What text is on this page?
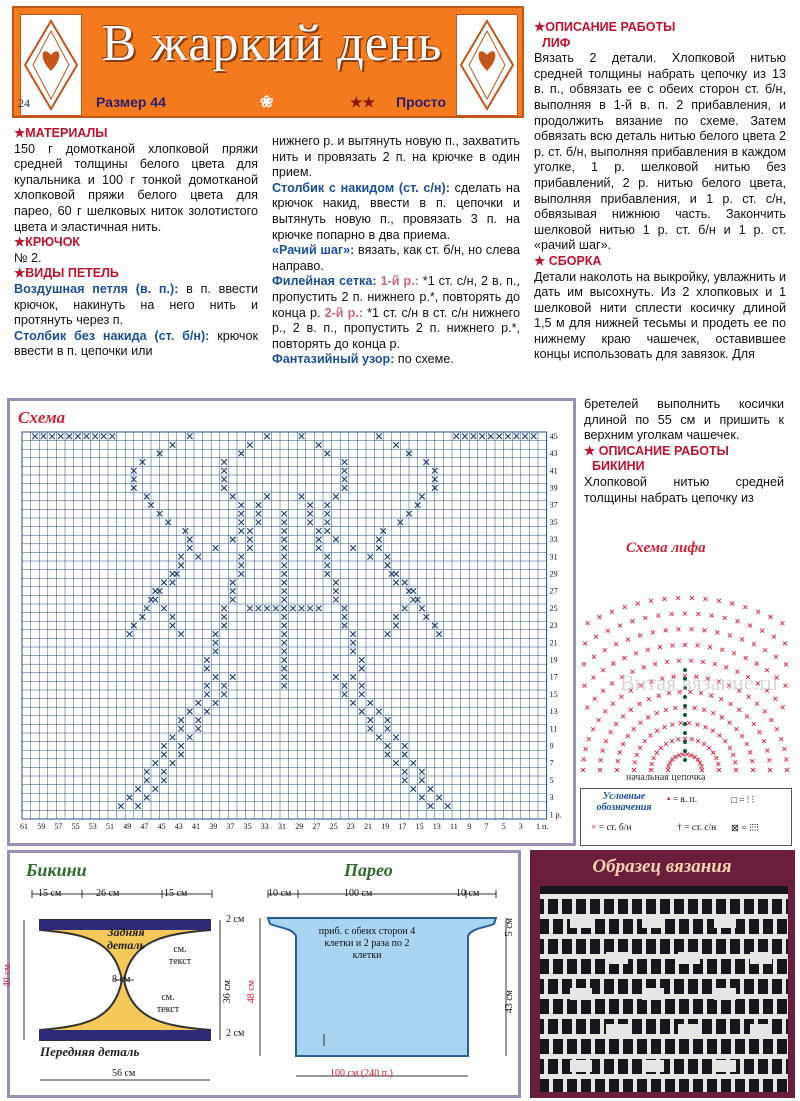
В жаркий день
24	Размер 44	❀	★★ Просто

★МАТЕРИАЛЫ

150 г домотканой хлопковой пряжи средней толщины белого цвета для купальника и 100 г тонкой домотканой хлопковой пряжи белого цвета для парео, 60 г шелковых ниток золотистого цвета и эластичная нить.

★КРЮЧОК

№ 2.

★ВИДЫ ПЕТЕЛЬ

Воздушная петля (в. п.): в п. ввести крючок, накинуть на него нить и протянуть через п.

Столбик без накида (ст. б/н): крючок ввести в п. цепочки или

нижнего р. и вытянуть новую п., захватить нить и провязать 2 п. на крючке в один прием.

Столбик с накидом (ст. с/н): сделать на крючок накид, ввести в п. цепочки и вытянуть новую п., провязать 3 п. на крючке попарно в два приема.

«Рачий шаг»: вязать, как ст. б/н, но слева направо.

Филейная сетка: 1-й р.: *1 ст. с/н, 2 в. п., пропустить 2 п. нижнего р.*, повторять до конца р. 2-й р.: *1 ст. с/н в ст. с/н нижнего р., 2 в. п., пропустить 2 п. нижнего р.*, повторять до конца р.

Фантазийный узор: по схеме.

★ОПИСАНИЕ РАБОТЫ

ЛИФ

Вязать 2 детали. Хлопковой нитью средней толщины набрать цепочку из 13 в. п., обвязать ее с обеих сторон ст. б/н, выполняя в 1-й в. п. 2 прибавления, и продолжить вязание по схеме. Затем обвязать всю деталь нитью белого цвета 2 р. ст. б/н, выполняя прибавления в каждом уголке, 1 р. шелковой нитью без прибавлений, 2 р. нитью белого цвета, выполняя прибавления, и 1 р. ст. с/н, обвязывая нижнюю часть. Закончить шелковой нитью 1 р. ст. б/н и 1 р. ст. «рачий шаг».

★ СБОРКА

Детали наколоть на выкройку, увлажнить и дать им высохнуть. Из 2 хлопковых и 1 шелковой нити сплести косичку длиной 1,5 м для нижней тесьмы и продеть ее по нижнему краю чашечек, оставившее концы использовать для завязок. Для

бретелей выполнить косички длиной по 55 см и пришить к верхним уголкам чашечек.

★ ОПИСАНИЕ РАБОТЫ

БИКИНИ

Хлопковой нитью средней толщины набрать цепочку из

Схема
45
43
41
39
37
35
33
31
29
27
25
23
21
19
17
15
13
11
9
7
5
3
1 р.
61 59 57 55 53 51 49 47 45 43 41 39 37 35 33 31 29 27 25 23 21 19 17 15 13 11 9 7 5 3 1 п.
Схема лифа
Витая вязание.ru
начальная цепочка
Условные обозначения
• = в. п.	□ = ⫶ ⫶
× = ст. б/н	† = ст. с/н ⊠ = ⫶⫶⫶⫶
Бикини
15 см	26 см	15 см
Задняя деталь	см. текст
8 см
см. текст
Передняя деталь
2 см
36 см
2 см
40 см
56 см
Парео
10 см	100 см	10 см
приб. с обеих сторон 4 клетки и 2 раза по 2 клетки
5 см
43 см
48 см
100 см (240 п.)
Образец вязания
